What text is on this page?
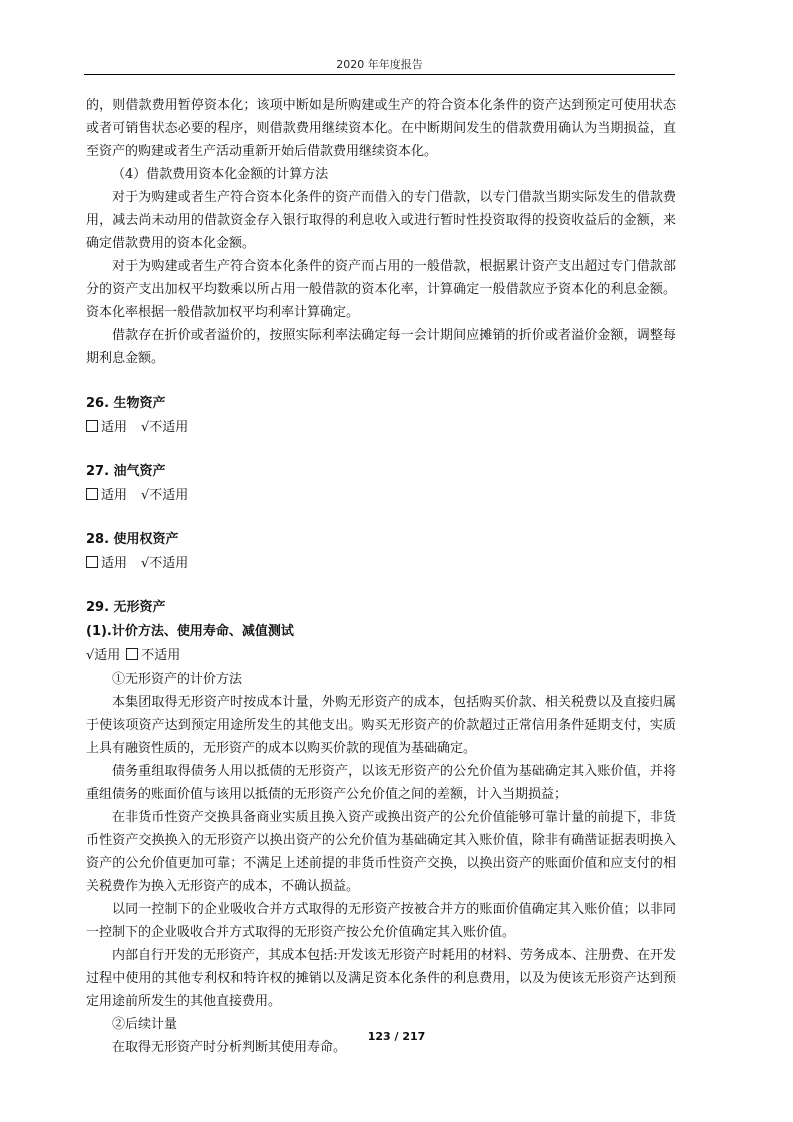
2020 年年度报告

的，则借款费用暂停资本化；该项中断如是所购建或生产的符合资本化条件的资产达到预定可使用状态或者可销售状态必要的程序，则借款费用继续资本化。在中断期间发生的借款费用确认为当期损益，直至资产的购建或者生产活动重新开始后借款费用继续资本化。

（4）借款费用资本化金额的计算方法

对于为购建或者生产符合资本化条件的资产而借入的专门借款，以专门借款当期实际发生的借款费用，减去尚未动用的借款资金存入银行取得的利息收入或进行暂时性投资取得的投资收益后的金额，来确定借款费用的资本化金额。

对于为购建或者生产符合资本化条件的资产而占用的一般借款，根据累计资产支出超过专门借款部分的资产支出加权平均数乘以所占用一般借款的资本化率，计算确定一般借款应予资本化的利息金额。资本化率根据一般借款加权平均利率计算确定。

借款存在折价或者溢价的，按照实际利率法确定每一会计期间应摊销的折价或者溢价金额，调整每期利息金额。

26. 生物资产

适用 √不适用

27. 油气资产

适用 √不适用

28. 使用权资产

适用 √不适用

29. 无形资产

(1).计价方法、使用寿命、减值测试

√适用 不适用

①无形资产的计价方法

本集团取得无形资产时按成本计量，外购无形资产的成本，包括购买价款、相关税费以及直接归属于使该项资产达到预定用途所发生的其他支出。购买无形资产的价款超过正常信用条件延期支付，实质上具有融资性质的，无形资产的成本以购买价款的现值为基础确定。

债务重组取得债务人用以抵债的无形资产，以该无形资产的公允价值为基础确定其入账价值，并将重组债务的账面价值与该用以抵债的无形资产公允价值之间的差额，计入当期损益；

在非货币性资产交换具备商业实质且换入资产或换出资产的公允价值能够可靠计量的前提下，非货币性资产交换换入的无形资产以换出资产的公允价值为基础确定其入账价值，除非有确凿证据表明换入资产的公允价值更加可靠；不满足上述前提的非货币性资产交换，以换出资产的账面价值和应支付的相关税费作为换入无形资产的成本，不确认损益。

以同一控制下的企业吸收合并方式取得的无形资产按被合并方的账面价值确定其入账价值；以非同一控制下的企业吸收合并方式取得的无形资产按公允价值确定其入账价值。

内部自行开发的无形资产，其成本包括:开发该无形资产时耗用的材料、劳务成本、注册费、在开发过程中使用的其他专利权和特许权的摊销以及满足资本化条件的利息费用，以及为使该无形资产达到预定用途前所发生的其他直接费用。

②后续计量

在取得无形资产时分析判断其使用寿命。

123 / 217
